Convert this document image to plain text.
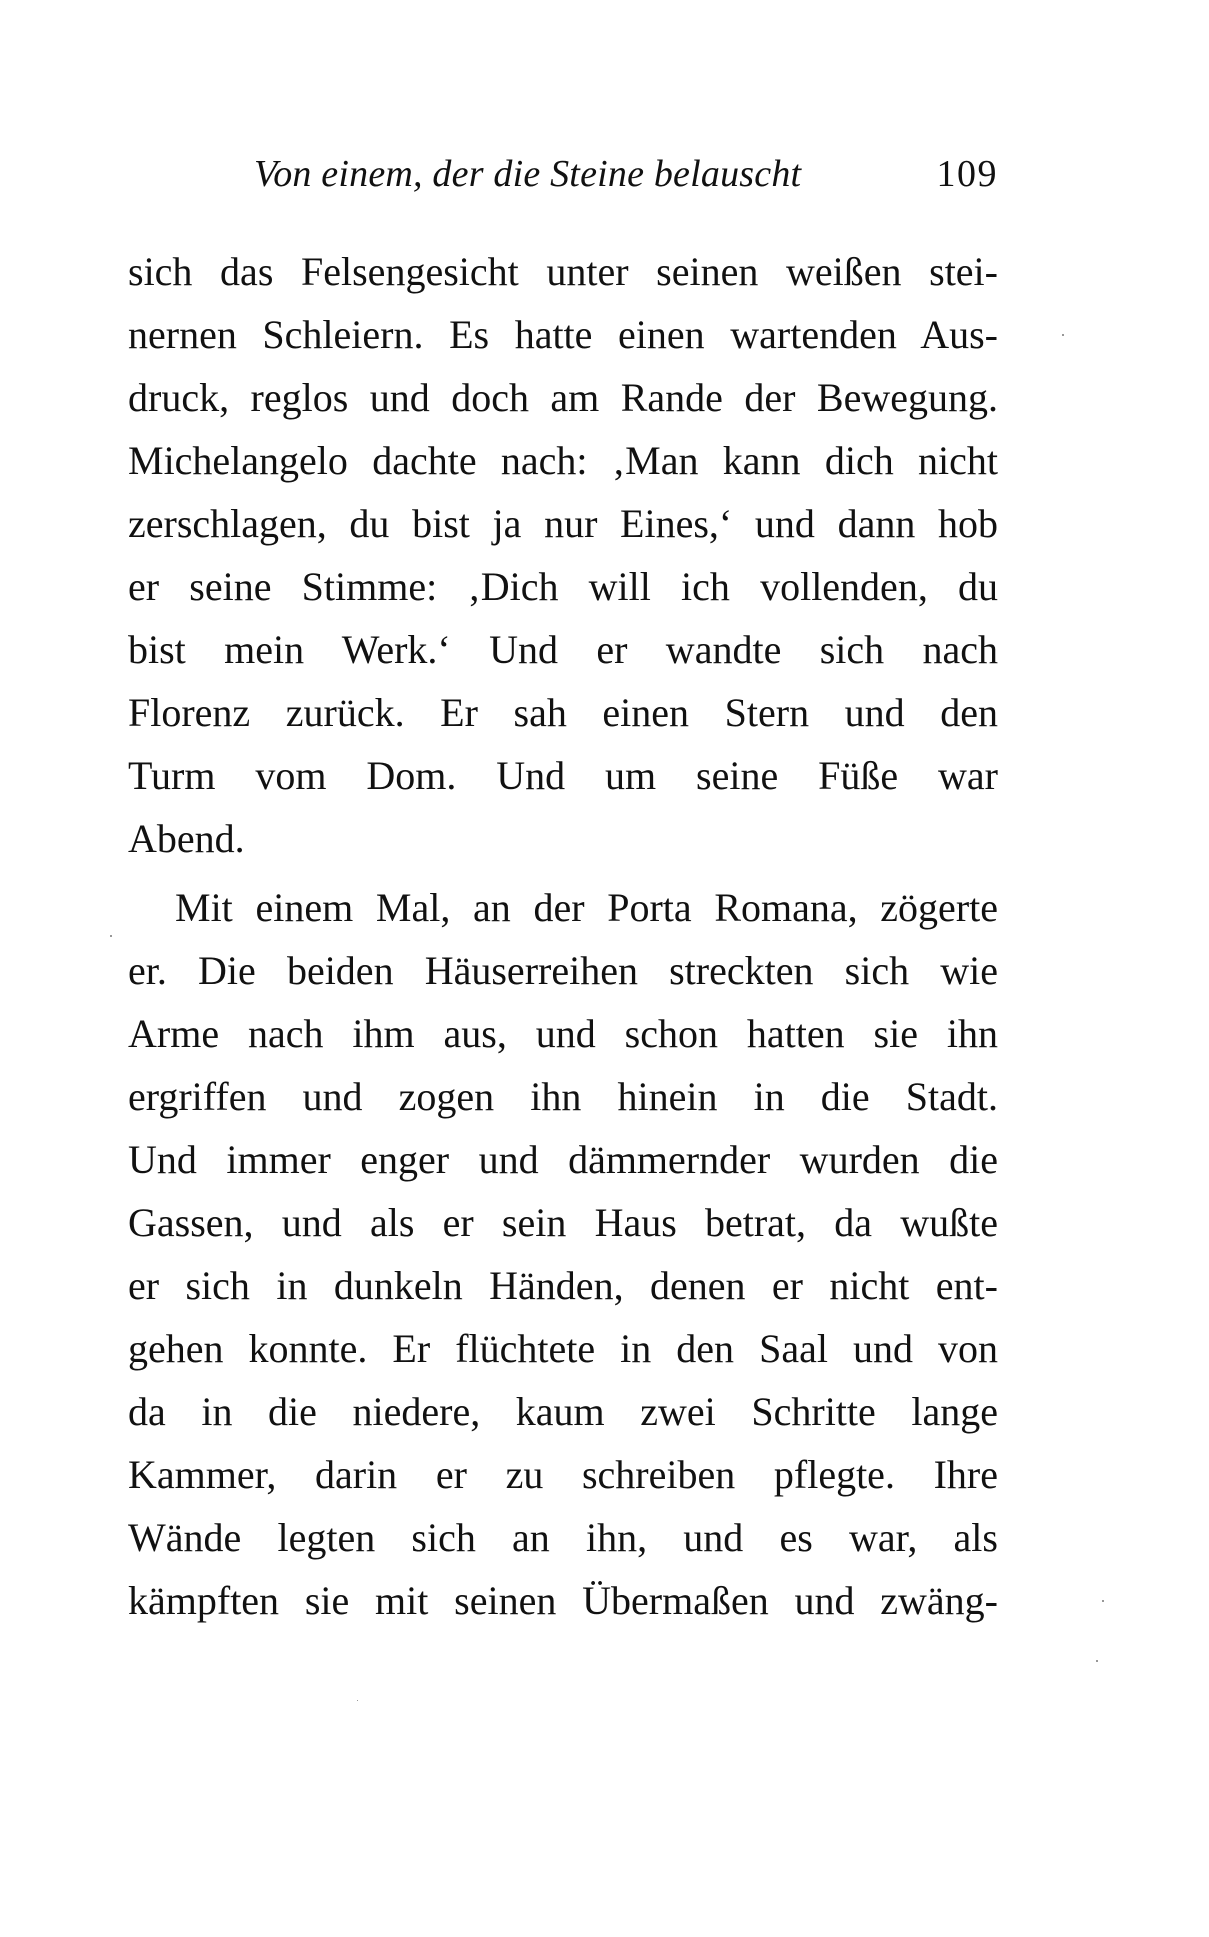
Von einem, der die Steine belauscht	109
sich das Felsengesicht unter seinen weißen stei-
nernen Schleiern. Es hatte einen wartenden Aus-
druck, reglos und doch am Rande der Bewegung.
Michelangelo dachte nach: ‚Man kann dich nicht
zerschlagen, du bist ja nur Eines,‘ und dann hob
er seine Stimme: ‚Dich will ich vollenden, du
bist mein Werk.‘ Und er wandte sich nach
Florenz zurück. Er sah einen Stern und den
Turm vom Dom. Und um seine Füße war
Abend.
Mit einem Mal, an der Porta Romana, zögerte
er. Die beiden Häuserreihen streckten sich wie
Arme nach ihm aus, und schon hatten sie ihn
ergriffen und zogen ihn hinein in die Stadt.
Und immer enger und dämmernder wurden die
Gassen, und als er sein Haus betrat, da wußte
er sich in dunkeln Händen, denen er nicht ent-
gehen konnte. Er flüchtete in den Saal und von
da in die niedere, kaum zwei Schritte lange
Kammer, darin er zu schreiben pflegte. Ihre
Wände legten sich an ihn, und es war, als
kämpften sie mit seinen Übermaßen und zwäng-
